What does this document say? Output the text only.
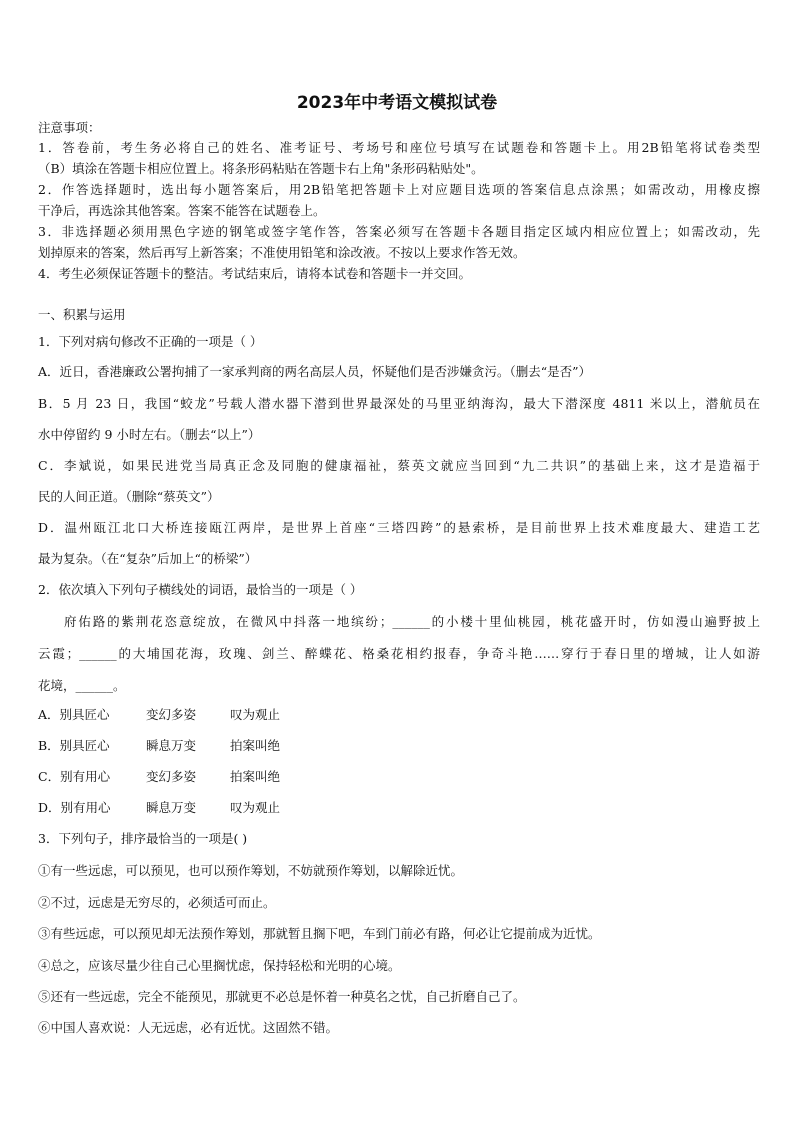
2023年中考语文模拟试卷
注意事项：
1．答卷前，考生务必将自己的姓名、准考证号、考场号和座位号填写在试题卷和答题卡上。用2B铅笔将试卷类型
（B）填涂在答题卡相应位置上。将条形码粘贴在答题卡右上角"条形码粘贴处"。
2．作答选择题时，选出每小题答案后，用2B铅笔把答题卡上对应题目选项的答案信息点涂黑；如需改动，用橡皮擦
干净后，再选涂其他答案。答案不能答在试题卷上。
3．非选择题必须用黑色字迹的钢笔或签字笔作答，答案必须写在答题卡各题目指定区域内相应位置上；如需改动，先
划掉原来的答案，然后再写上新答案；不准使用铅笔和涂改液。不按以上要求作答无效。
4．考生必须保证答题卡的整洁。考试结束后，请将本试卷和答题卡一并交回。
一、积累与运用
1．下列对病句修改不正确的一项是（ ）
A．近日，香港廉政公署拘捕了一家承判商的两名高层人员，怀疑他们是否涉嫌贪污。（删去“是否”）
B．5 月 23 日，我国“蛟龙”号载人潜水器下潜到世界最深处的马里亚纳海沟，最大下潜深度 4811 米以上，潜航员在
水中停留约 9 小时左右。（删去“以上”）
C．李斌说，如果民进党当局真正念及同胞的健康福祉，蔡英文就应当回到“九二共识”的基础上来，这才是造福于
民的人间正道。（删除“蔡英文”）
D．温州瓯江北口大桥连接瓯江两岸，是世界上首座“三塔四跨”的悬索桥，是目前世界上技术难度最大、建造工艺
最为复杂。（在“复杂”后加上“的桥梁”）
2．依次填入下列句子横线处的词语，最恰当的一项是（ ）
府佑路的紫荆花恣意绽放，在微风中抖落一地缤纷；______的小楼十里仙桃园，桃花盛开时，仿如漫山遍野披上
云霞；______的大埔国花海，玫瑰、剑兰、醉蝶花、格桑花相约报春，争奇斗艳……穿行于春日里的增城，让人如游
花境，______。
A．别具匠心	变幻多姿	叹为观止
B．别具匠心	瞬息万变	拍案叫绝
C．别有用心	变幻多姿	拍案叫绝
D．别有用心	瞬息万变	叹为观止
3．下列句子，排序最恰当的一项是( )
①有一些远虑，可以预见，也可以预作筹划，不妨就预作筹划，以解除近忧。
②不过，远虑是无穷尽的，必须适可而止。
③有些远虑，可以预见却无法预作筹划，那就暂且搁下吧，车到门前必有路，何必让它提前成为近忧。
④总之，应该尽量少往自己心里搁忧虑，保持轻松和光明的心境。
⑤还有一些远虑，完全不能预见，那就更不必总是怀着一种莫名之忧，自己折磨自己了。
⑥中国人喜欢说：人无远虑，必有近忧。这固然不错。
